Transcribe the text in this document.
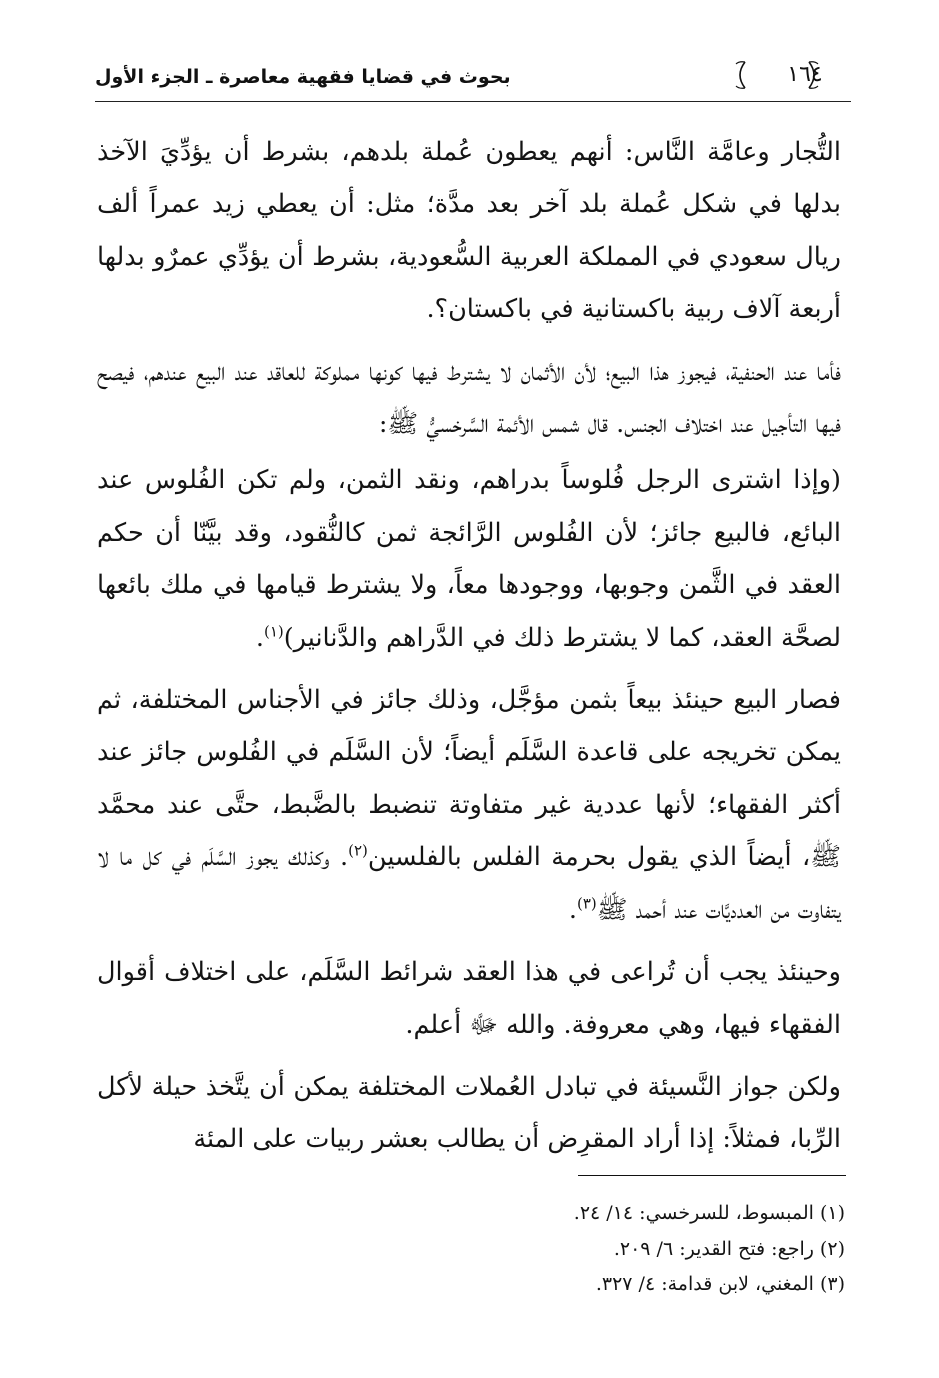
١٦٤
بحوث في قضايا فقهية معاصرة ـ الجزء الأول

التُّجار وعامَّة النَّاس: أنهم يعطون عُملة بلدهم، بشرط أن يؤدِّيَ الآخذ بدلها في شكل عُملة بلد آخر بعد مدَّة؛ مثل: أن يعطي زيد عمراً ألف ريال سعودي في المملكة العربية السُّعودية، بشرط أن يؤدِّي عمرٌو بدلها أربعة آلاف ربية باكستانية في باكستان؟.

فأما عند الحنفية، فيجوز هذا البيع؛ لأن الأثمان لا يشترط فيها كونها مملوكة للعاقد عند البيع عندهم، فيصح فيها التأجيل عند اختلاف الجنس. قال شمس الأئمة السَّرخسيُّ ﷺ:

(وإذا اشترى الرجل فُلوساً بدراهم، ونقد الثمن، ولم تكن الفُلوس عند البائع، فالبيع جائز؛ لأن الفُلوس الرَّائجة ثمن كالنُّقود، وقد بيَّنّا أن حكم العقد في الثَّمن وجوبها، ووجودها معاً، ولا يشترط قيامها في ملك بائعها لصحَّة العقد، كما لا يشترط ذلك في الدَّراهم والدَّنانير)$^{(١)}$.

فصار البيع حينئذ بيعاً بثمن مؤجَّل، وذلك جائز في الأجناس المختلفة، ثم يمكن تخريجه على قاعدة السَّلَم أيضاً؛ لأن السَّلَم في الفُلوس جائز عند أكثر الفقهاء؛ لأنها عددية غير متفاوتة تنضبط بالضَّبط، حتَّى عند محمَّد ﷺ، أيضاً الذي يقول بحرمة الفلس بالفلسين$^{(٢)}$. وكذلك يجوز السَّلَم في كل ما لا يتفاوت من العدديَّات عند أحمد ﷺ$^{(٣)}$.

وحينئذ يجب أن تُراعى في هذا العقد شرائط السَّلَم، على اختلاف أقوال الفقهاء فيها، وهي معروفة. والله ﷻ أعلم.

ولكن جواز النَّسيئة في تبادل العُملات المختلفة يمكن أن يتَّخذ حيلة لأكل الرِّبا، فمثلاً: إذا أراد المقرِض أن يطالب بعشر ربيات على المئة

(١) المبسوط، للسرخسي: ١٤/ ٢٤.

(٢) راجع: فتح القدير: ٦/ ٢٠٩.

(٣) المغني، لابن قدامة: ٤/ ٣٢٧.
